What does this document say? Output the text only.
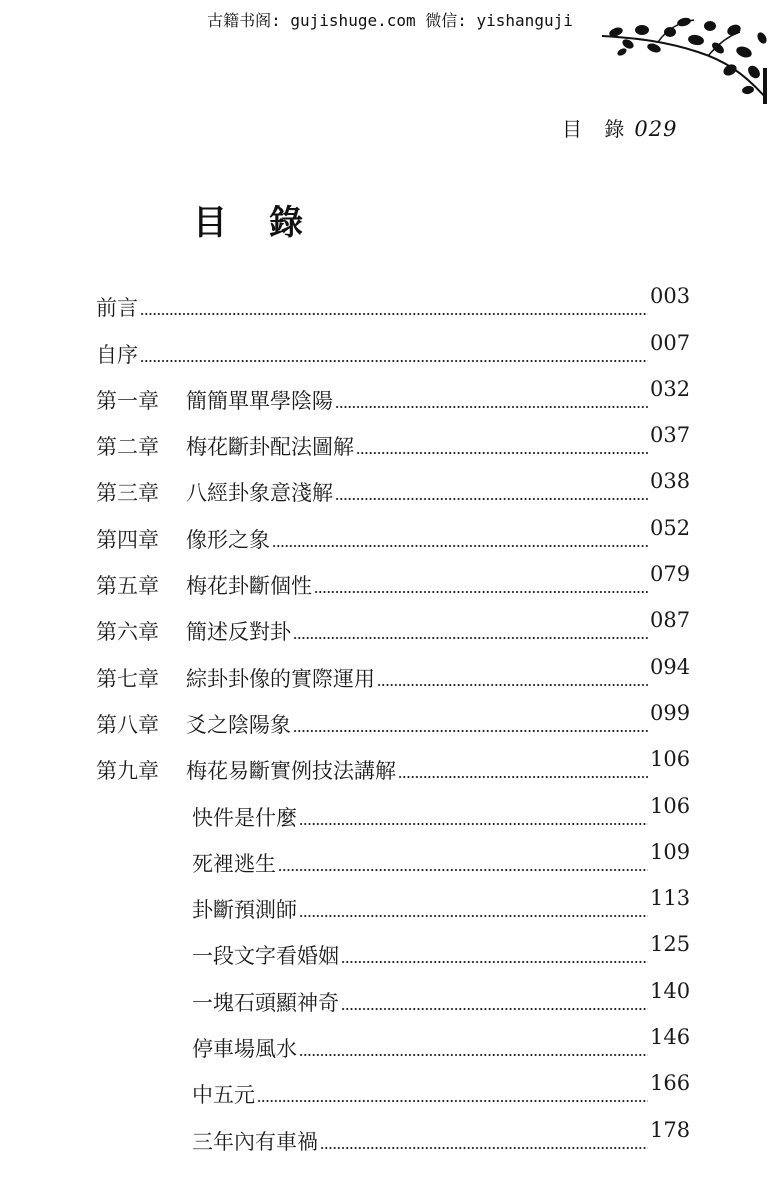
古籍书阁: gujishuge.com 微信: yishanguji
目 錄029
目錄
前言	003
自序	007
第一章	簡簡單單學陰陽	032
第二章	梅花斷卦配法圖解	037
第三章	八經卦象意淺解	038
第四章	像形之象	052
第五章	梅花卦斷個性	079
第六章	簡述反對卦	087
第七章	綜卦卦像的實際運用	094
第八章	爻之陰陽象	099
第九章	梅花易斷實例技法講解	106
快件是什麼	106
死裡逃生	109
卦斷預測師	113
一段文字看婚姻	125
一塊石頭顯神奇	140
停車場風水	146
中五元	166
三年內有車禍	178
